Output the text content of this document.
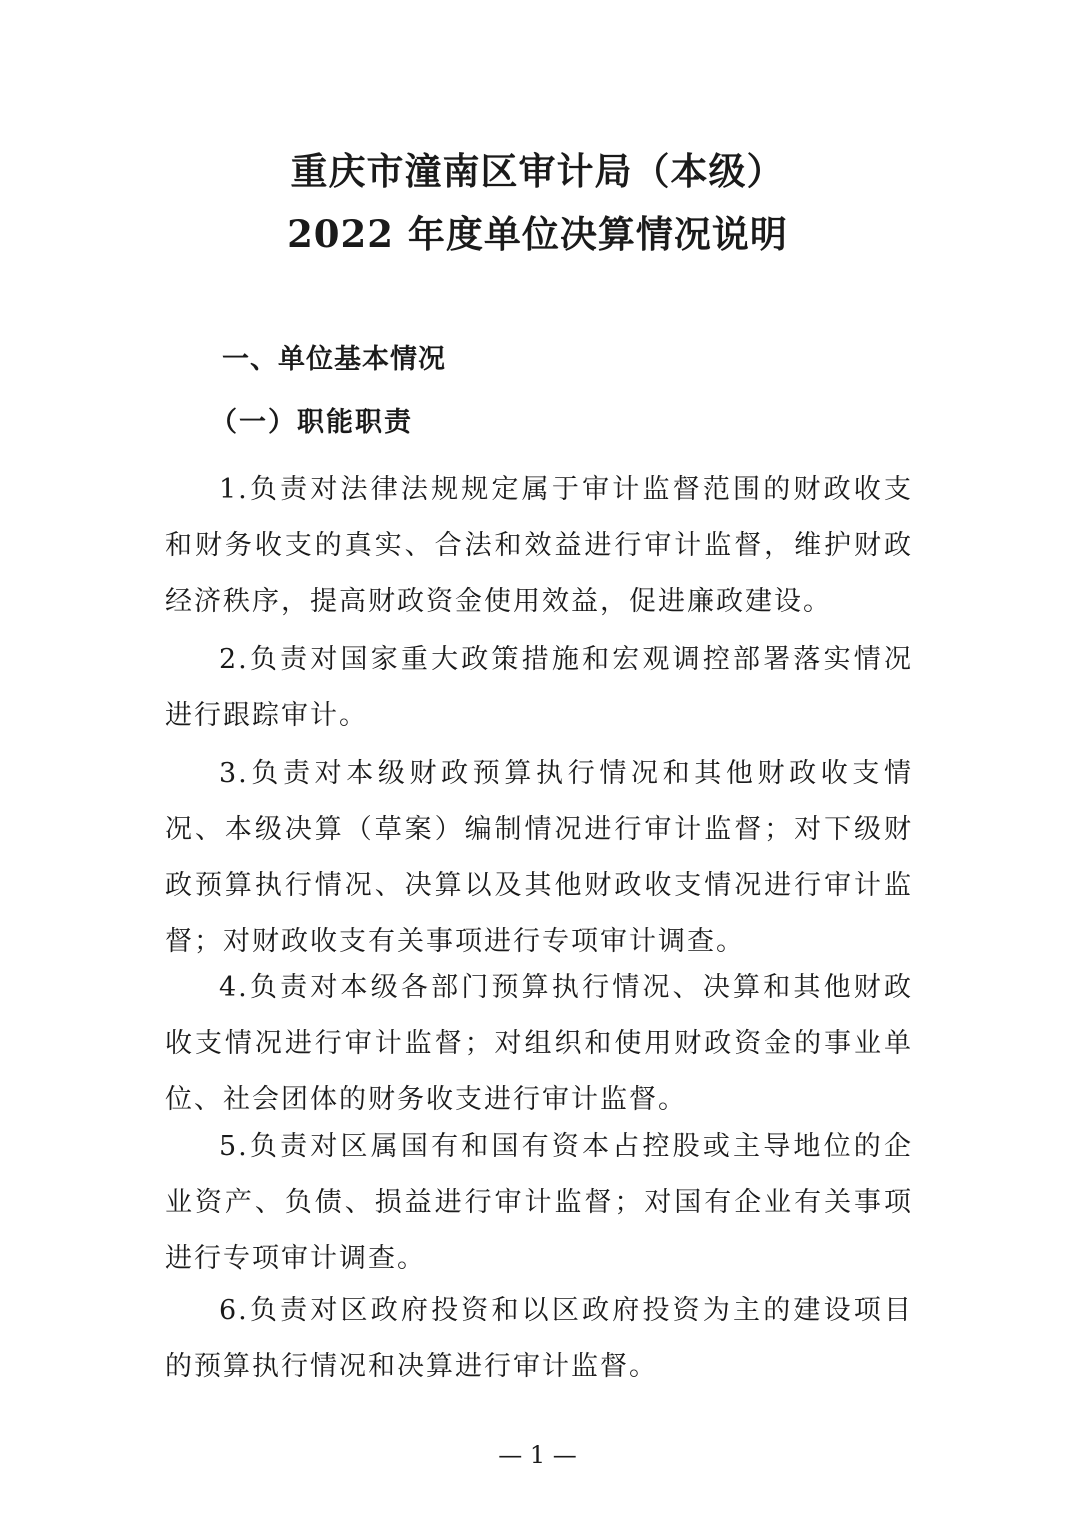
重庆市潼南区审计局（本级）
2022 年度单位决算情况说明
一、单位基本情况
（一）职能职责

1.负责对法律法规规定属于审计监督范围的财政收支和财务收支的真实、合法和效益进行审计监督，维护财政经济秩序，提高财政资金使用效益，促进廉政建设。

2.负责对国家重大政策措施和宏观调控部署落实情况进行跟踪审计。

3.负责对本级财政预算执行情况和其他财政收支情况、本级决算（草案）编制情况进行审计监督；对下级财政预算执行情况、决算以及其他财政收支情况进行审计监督；对财政收支有关事项进行专项审计调查。

4.负责对本级各部门预算执行情况、决算和其他财政收支情况进行审计监督；对组织和使用财政资金的事业单位、社会团体的财务收支进行审计监督。

5.负责对区属国有和国有资本占控股或主导地位的企业资产、负债、损益进行审计监督；对国有企业有关事项进行专项审计调查。

6.负责对区政府投资和以区政府投资为主的建设项目的预算执行情况和决算进行审计监督。

— 1 —
